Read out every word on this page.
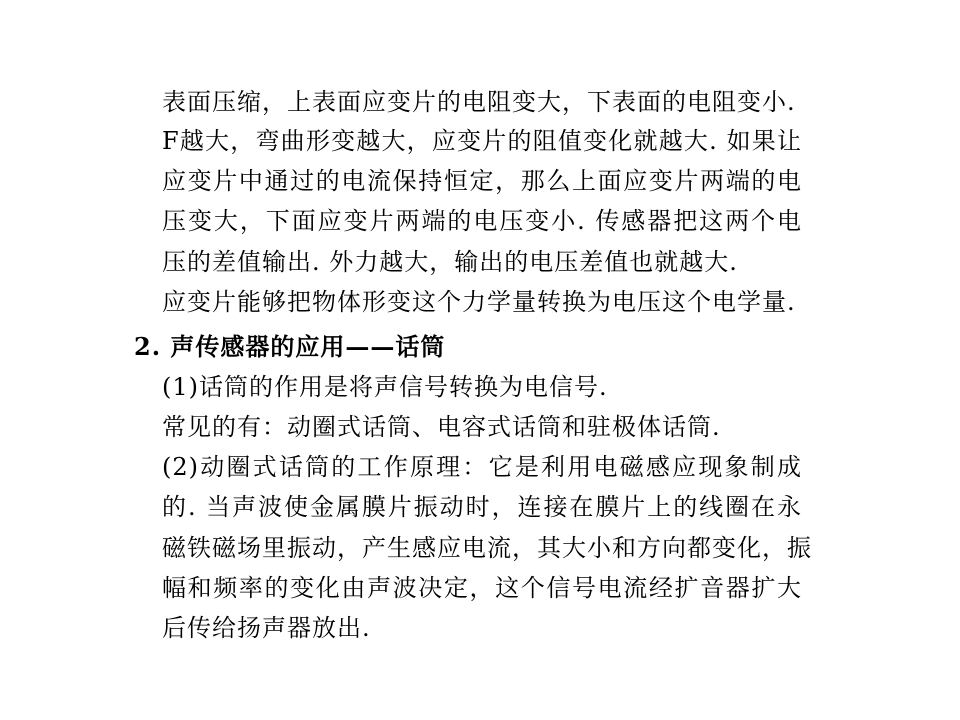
表面压缩，上表面应变片的电阻变大，下表面的电阻变小.
F越大，弯曲形变越大，应变片的阻值变化就越大. 如果让
应变片中通过的电流保持恒定，那么上面应变片两端的电
压变大，下面应变片两端的电压变小. 传感器把这两个电
压的差值输出. 外力越大，输出的电压差值也就越大.
应变片能够把物体形变这个力学量转换为电压这个电学量.
2. 声传感器的应用——话筒
(1)话筒的作用是将声信号转换为电信号.
常见的有：动圈式话筒、电容式话筒和驻极体话筒.
(2)动圈式话筒的工作原理：它是利用电磁感应现象制成
的. 当声波使金属膜片振动时，连接在膜片上的线圈在永
磁铁磁场里振动，产生感应电流，其大小和方向都变化，振
幅和频率的变化由声波决定，这个信号电流经扩音器扩大
后传给扬声器放出.
